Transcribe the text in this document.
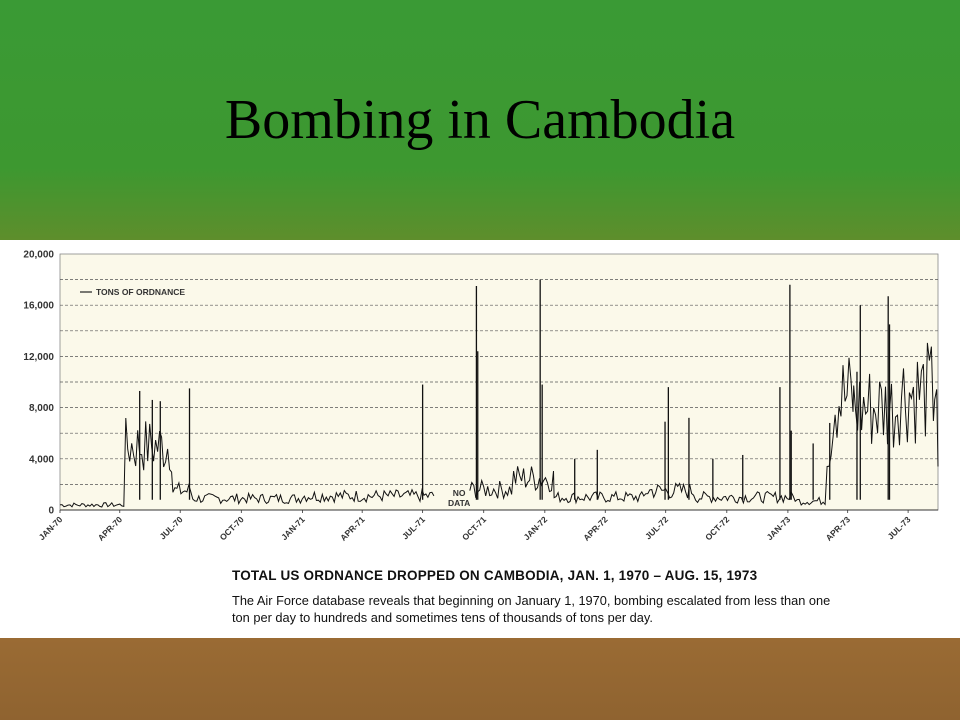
Bombing in Cambodia
20,000
16,000
12,000
8,000
4,000
0
JAN-70	APR-70	JUL-70	OCT-70	JAN-71	APR-71	JUL-71	OCT-71	JAN-72	APR-72	JUL-72	OCT-72	JAN-73	APR-73	JUL-73
TONS OF ORDNANCE
NO
DATA
TOTAL US ORDNANCE DROPPED ON CAMBODIA, JAN. 1, 1970 – AUG. 15, 1973
The Air Force database reveals that beginning on January 1, 1970, bombing escalated from less than one ton per day to hundreds and sometimes tens of thousands of tons per day.
